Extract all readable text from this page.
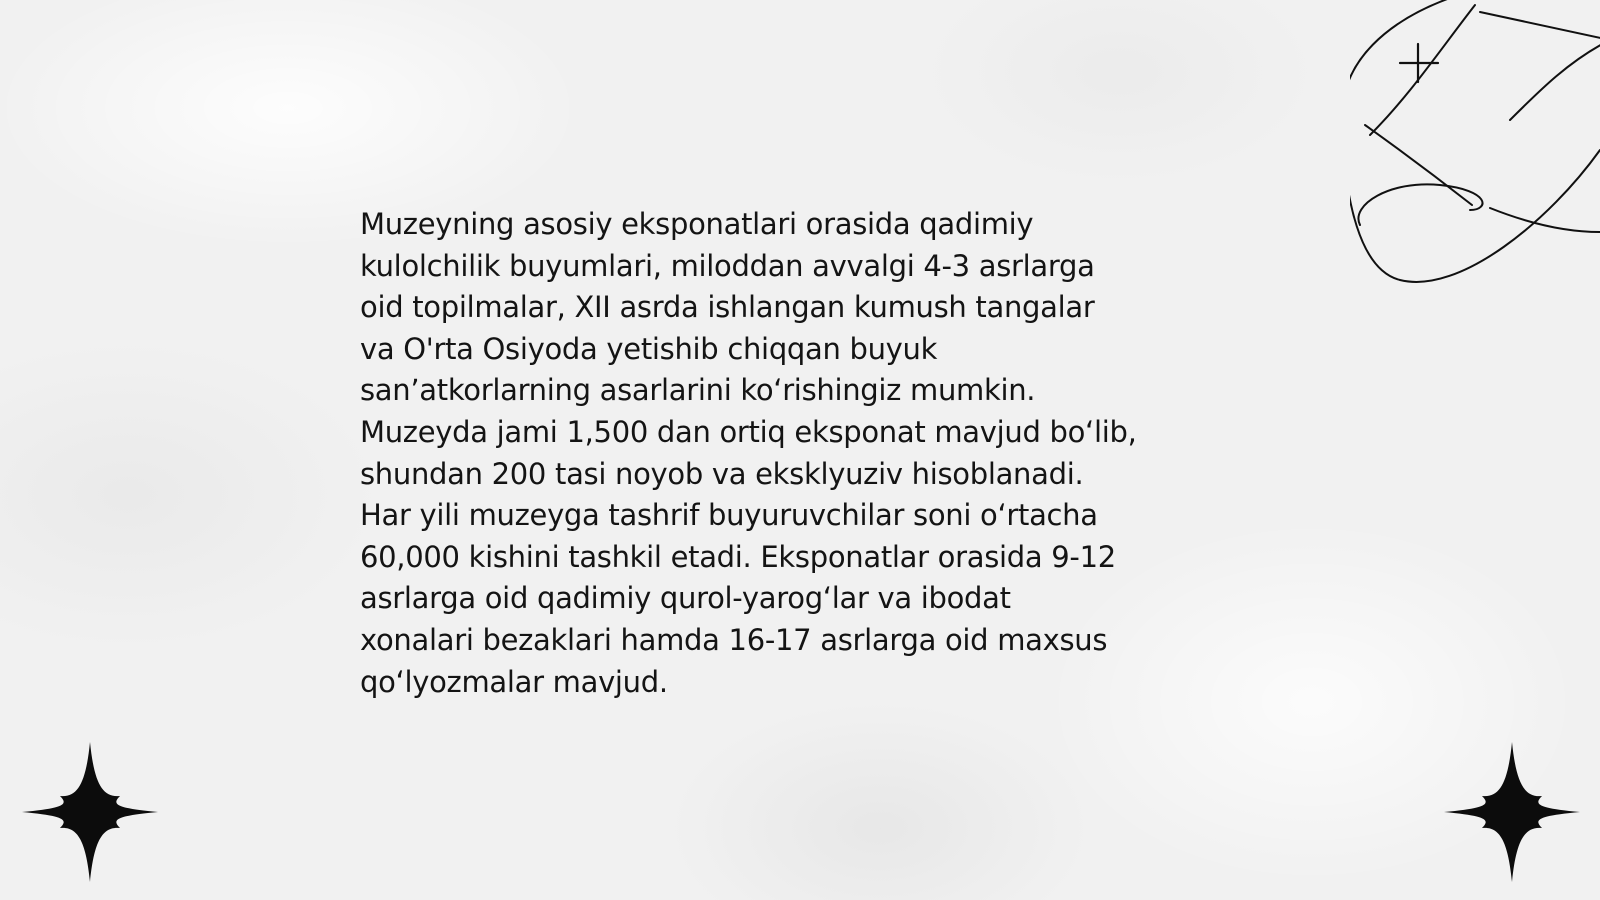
Muzeyning asosiy eksponatlari orasida qadimiy
kulolchilik buyumlari, miloddan avvalgi 4-3 asrlarga
oid topilmalar, XII asrda ishlangan kumush tangalar
va O'rta Osiyoda yetishib chiqqan buyuk
san’atkorlarning asarlarini ko‘rishingiz mumkin.
Muzeyda jami 1,500 dan ortiq eksponat mavjud bo‘lib,
shundan 200 tasi noyob va eksklyuziv hisoblanadi.
Har yili muzeyga tashrif buyuruvchilar soni o‘rtacha
60,000 kishini tashkil etadi. Eksponatlar orasida 9-12
asrlarga oid qadimiy qurol-yarog‘lar va ibodat
xonalari bezaklari hamda 16-17 asrlarga oid maxsus
qo‘lyozmalar mavjud.
